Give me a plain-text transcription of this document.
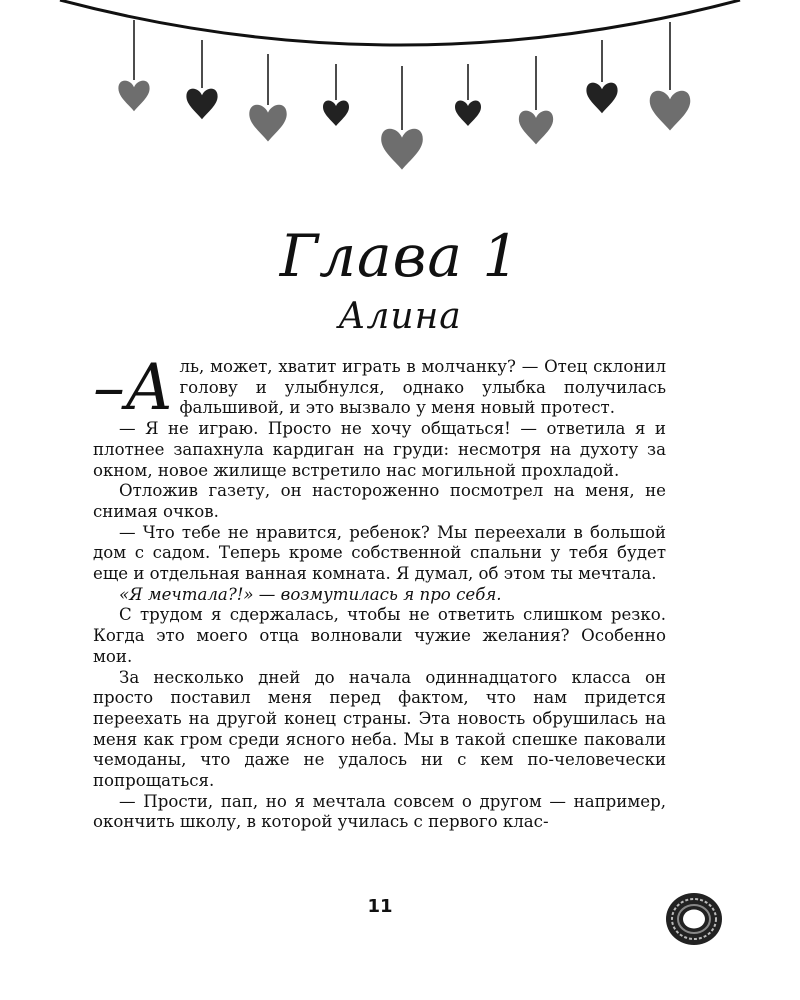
Глава 1
Алина

–А ль, может, хватит играть в молчанку? — Отец склонил голову и улыбнулся, однако улыбка получилась фальшивой, и это вызвало у меня новый протест.

— Я не играю. Просто не хочу общаться! — ответила я и плотнее запахнула кардиган на груди: несмотря на духоту за окном, новое жилище встретило нас могильной прохладой.

Отложив газету, он настороженно посмотрел на меня, не снимая очков.

— Что тебе не нравится, ребенок? Мы переехали в большой дом с садом. Теперь кроме собственной спальни у тебя будет еще и отдельная ванная комната. Я думал, об этом ты мечтала.

«Я мечтала?!» — возмутилась я про себя.

С трудом я сдержалась, чтобы не ответить слишком резко. Когда это моего отца волновали чужие желания? Особенно мои.

За несколько дней до начала одиннадцатого класса он просто поставил меня перед фактом, что нам придется переехать на другой конец страны. Эта новость обрушилась на меня как гром среди ясного неба. Мы в такой спешке паковали чемоданы, что даже не удалось ни с кем по-человечески попрощаться.

— Прости, пап, но я мечтала совсем о другом — например, окончить школу, в которой училась с первого клас-

11
